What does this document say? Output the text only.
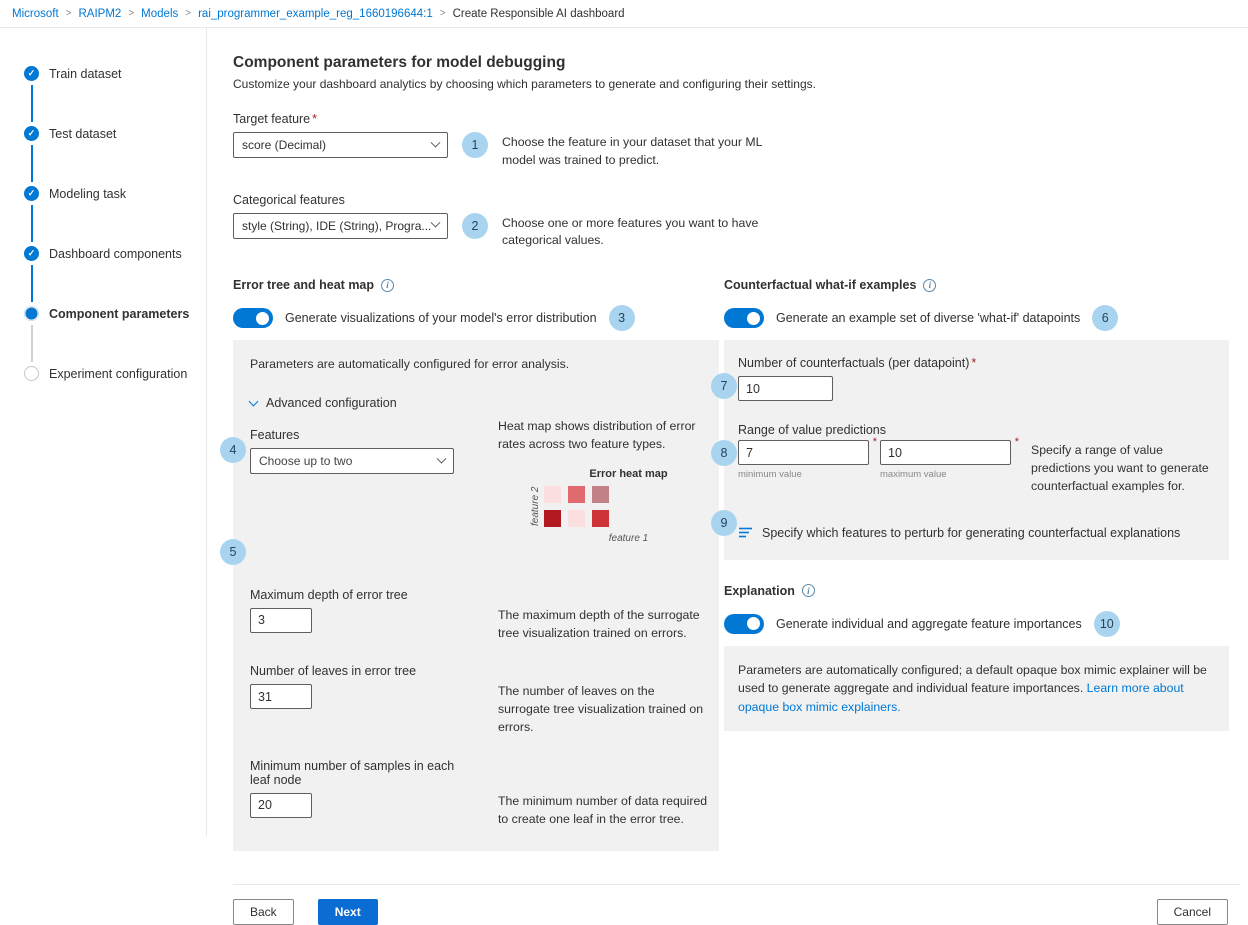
Microsoft > RAIPM2 > Models > rai_programmer_example_reg_1660196644:1 > Create Responsible AI dashboard
✓ Train dataset
✓ Test dataset
✓ Modeling task
✓ Dashboard components
Component parameters
Experiment configuration
Component parameters for model debugging
Customize your dashboard analytics by choosing which parameters to generate and configuring their settings.
Target feature *
score (Decimal)	1	Choose the feature in your dataset that your ML model was trained to predict.
Categorical features
style (String), IDE (String), Progra...	2	Choose one or more features you want to have categorical values.
Error tree and heat map	i
Generate visualizations of your model's error distribution	3
4
5
Parameters are automatically configured for error analysis.
Advanced configuration
Features
Choose up to two
Heat map shows distribution of error rates across two feature types.
Error heat map
feature 2
feature 1
Maximum depth of error tree
3
The maximum depth of the surrogate tree visualization trained on errors.
Number of leaves in error tree
31
The number of leaves on the surrogate tree visualization trained on errors.
Minimum number of samples in each leaf node
20
The minimum number of data required to create one leaf in the error tree.
Counterfactual what-if examples	i
Generate an example set of diverse 'what-if' datapoints	6
7
8
9
Number of counterfactuals (per datapoint) *
10
Range of value predictions
7
*
minimum value
10
*
maximum value
Specify a range of value predictions you want to generate counterfactual examples for.
Specify which features to perturb for generating counterfactual explanations
Explanation	i
Generate individual and aggregate feature importances	10
Parameters are automatically configured; a default opaque box mimic explainer will be used to generate aggregate and individual feature importances. Learn more about opaque box mimic explainers.
Back	Next	Cancel
